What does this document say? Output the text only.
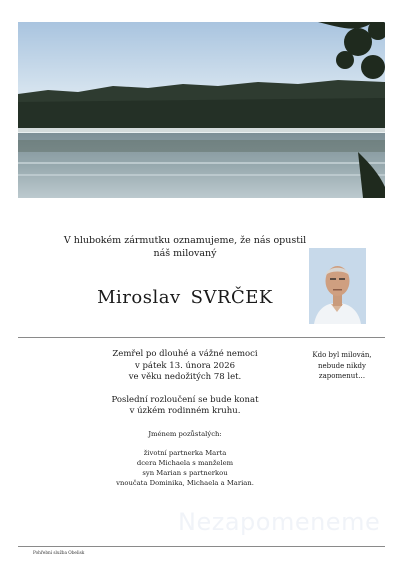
V hlubokém zármutku oznamujeme, že nás opustil
náš milovaný
Miroslav SVRČEK

Zemřel po dlouhé a vážné nemoci

v pátek 13. února 2026

ve věku nedožitých 78 let.

Poslední rozloučení se bude konat

v úzkém rodinném kruhu.

Jménem pozůstalých:

životní partnerka Marta

dcera Michaela s manželem

syn Marian s partnerkou

vnoučata Dominika, Michaela a Marian.

Kdo byl milován,
nebude nikdy
zapomenut…
Nezapomeneme
Pohřební služba Obelisk
